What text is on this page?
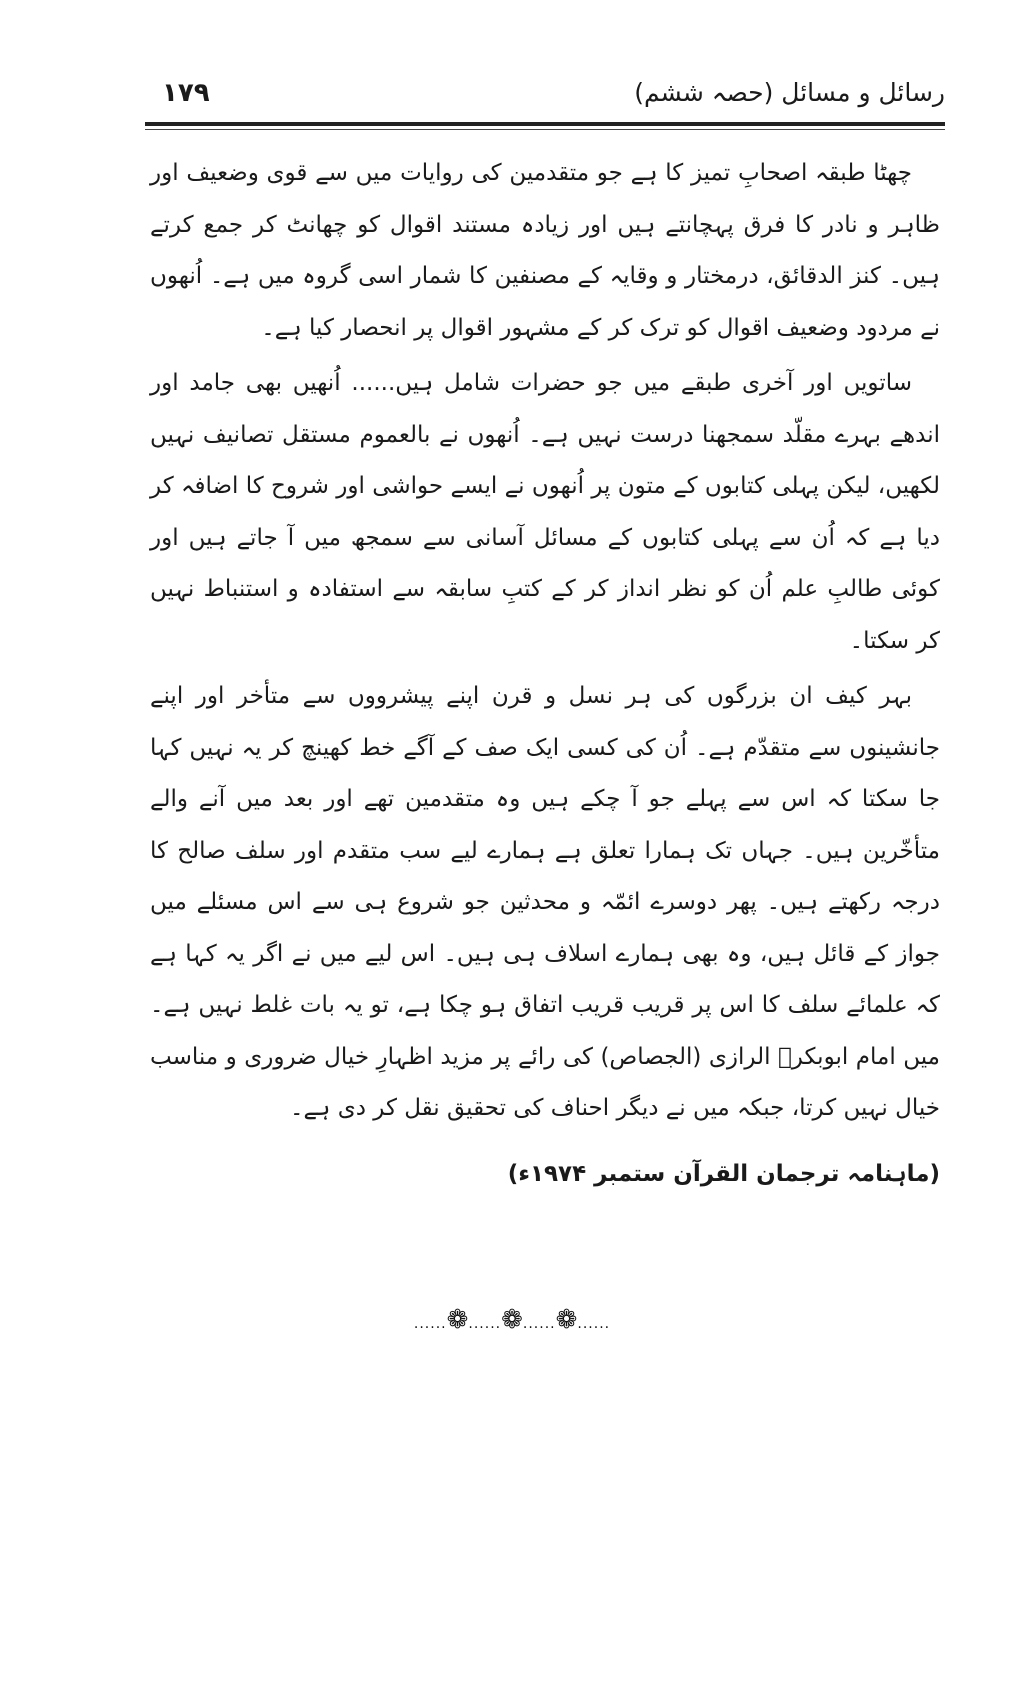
رسائل و مسائل (حصہ ششم)
۱۷۹

چھٹا طبقہ اصحابِ تمیز کا ہے جو متقدمین کی روایات میں سے قوی وضعیف اور ظاہر و نادر کا فرق پہچانتے ہیں اور زیادہ مستند اقوال کو چھانٹ کر جمع کرتے ہیں۔ کنز الدقائق، درمختار و وقایہ کے مصنفین کا شمار اسی گروہ میں ہے۔ اُنھوں نے مردود وضعیف اقوال کو ترک کر کے مشہور اقوال پر انحصار کیا ہے۔

ساتویں اور آخری طبقے میں جو حضرات شامل ہیں...... اُنھیں بھی جامد اور اندھے بہرے مقلّد سمجھنا درست نہیں ہے۔ اُنھوں نے بالعموم مستقل تصانیف نہیں لکھیں، لیکن پہلی کتابوں کے متون پر اُنھوں نے ایسے حواشی اور شروح کا اضافہ کر دیا ہے کہ اُن سے پہلی کتابوں کے مسائل آسانی سے سمجھ میں آ جاتے ہیں اور کوئی طالبِ علم اُن کو نظر انداز کر کے کتبِ سابقہ سے استفادہ و استنباط نہیں کر سکتا۔

بہر کیف ان بزرگوں کی ہر نسل و قرن اپنے پیشرووں سے متأخر اور اپنے جانشینوں سے متقدّم ہے۔ اُن کی کسی ایک صف کے آگے خط کھینچ کر یہ نہیں کہا جا سکتا کہ اس سے پہلے جو آ چکے ہیں وہ متقدمین تھے اور بعد میں آنے والے متأخّرین ہیں۔ جہاں تک ہمارا تعلق ہے ہمارے لیے سب متقدم اور سلف صالح کا درجہ رکھتے ہیں۔ پھر دوسرے ائمّہ و محدثین جو شروع ہی سے اس مسئلے میں جواز کے قائل ہیں، وہ بھی ہمارے اسلاف ہی ہیں۔ اس لیے میں نے اگر یہ کہا ہے کہ علمائے سلف کا اس پر قریب قریب اتفاق ہو چکا ہے، تو یہ بات غلط نہیں ہے۔ میں امام ابوبکرؒ الرازی (الجصاص) کی رائے پر مزید اظہارِ خیال ضروری و مناسب خیال نہیں کرتا، جبکہ میں نے دیگر احناف کی تحقیق نقل کر دی ہے۔

(ماہنامہ ترجمان القرآن ستمبر ۱۹۷۴ء)

......❁......❁......❁......
